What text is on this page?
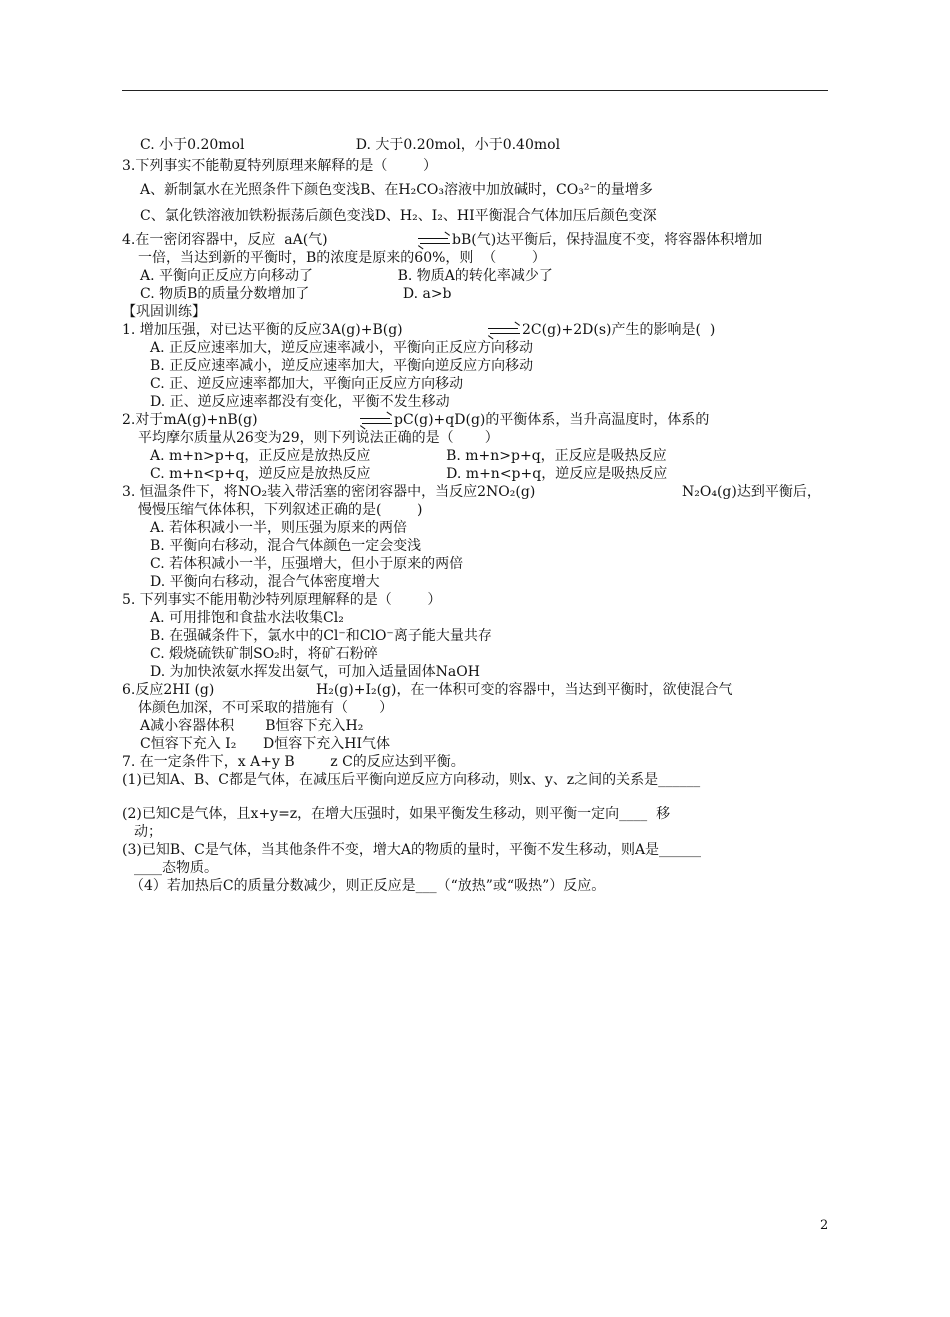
C. 小于0.20mol                         D. 大于0.20mol，小于0.40mol
3.下列事实不能勒夏特列原理来解释的是（        ）
A、新制氯水在光照条件下颜色变浅B、在H₂CO₃溶液中加放碱时，CO₃²⁻的量增多
C、氯化铁溶液加铁粉振荡后颜色变浅D、H₂、I₂、HI平衡混合气体加压后颜色变深
4.在一密闭容器中，反应  aA(气)	bB(气)达平衡后，保持温度不变，将容器体积增加
一倍，当达到新的平衡时，B的浓度是原来的60%，则  （        ）
A. 平衡向正反应方向移动了                   B. 物质A的转化率减少了
C. 物质B的质量分数增加了                     D. a>b
【巩固训练】
1. 增加压强，对已达平衡的反应3A(g)+B(g)	2C(g)+2D(s)产生的影响是(  )
A. 正反应速率加大，逆反应速率减小，平衡向正反应方向移动
B. 正反应速率减小，逆反应速率加大，平衡向逆反应方向移动
C. 正、逆反应速率都加大，平衡向正反应方向移动
D. 正、逆反应速率都没有变化，平衡不发生移动
2.对于mA(g)+nB(g)	pC(g)+qD(g)的平衡体系，当升高温度时，体系的
平均摩尔质量从26变为29，则下列说法正确的是（       ）
A. m+n>p+q，正反应是放热反应                 B. m+n>p+q，正反应是吸热反应
C. m+n<p+q，逆反应是放热反应                 D. m+n<p+q，逆反应是吸热反应
3. 恒温条件下，将NO₂装入带活塞的密闭容器中，当反应2NO₂(g)	N₂O₄(g)达到平衡后，
慢慢压缩气体体积，下列叙述正确的是(        )
A. 若体积减小一半，则压强为原来的两倍
B. 平衡向右移动，混合气体颜色一定会变浅
C. 若体积减小一半，压强增大，但小于原来的两倍
D. 平衡向右移动，混合气体密度增大
5. 下列事实不能用勒沙特列原理解释的是（        ）
A. 可用排饱和食盐水法收集Cl₂
B. 在强碱条件下，氯水中的Cl⁻和ClO⁻离子能大量共存
C. 煅烧硫铁矿制SO₂时，将矿石粉碎
D. 为加快浓氨水挥发出氨气，可加入适量固体NaOH
6.反应2HI (g)	H₂(g)+I₂(g)，在一体积可变的容器中，当达到平衡时，欲使混合气
体颜色加深，不可采取的措施有（       ）
A减小容器体积       B恒容下充入H₂
C恒容下充入 I₂      D恒容下充入HI气体
7. 在一定条件下，x A+y B        z C的反应达到平衡。
(1)已知A、B、C都是气体，在减压后平衡向逆反应方向移动，则x、y、z之间的关系是______
(2)已知C是气体，且x+y=z，在增大压强时，如果平衡发生移动，则平衡一定向____  移
动；
(3)已知B、C是气体，当其他条件不变，增大A的物质的量时，平衡不发生移动，则A是______
____态物质。
（4）若加热后C的质量分数减少，则正反应是___（“放热”或“吸热”）反应。
2
